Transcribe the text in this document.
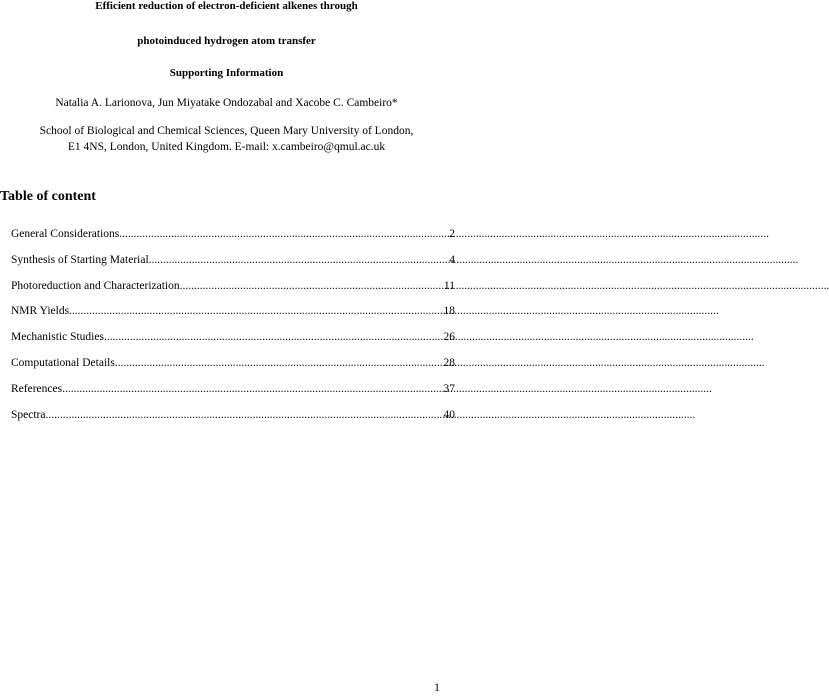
Efficient reduction of electron-deficient alkenes through
photoinduced hydrogen atom transfer
Supporting Information
Natalia A. Larionova, Jun Miyatake Ondozabal and Xacobe C. Cambeiro*
School of Biological and Chemical Sciences, Queen Mary University of London,
E1 4NS, London, United Kingdom. E-mail: x.cambeiro@qmul.ac.uk
Table of content
General Considerations .....	2
Synthesis of Starting Material .....	4
Photoreduction and Characterization .....	11
NMR Yields .....	18
Mechanistic Studies .....	26
Computational Details .....	28
References .....	37
Spectra .....	40
1
